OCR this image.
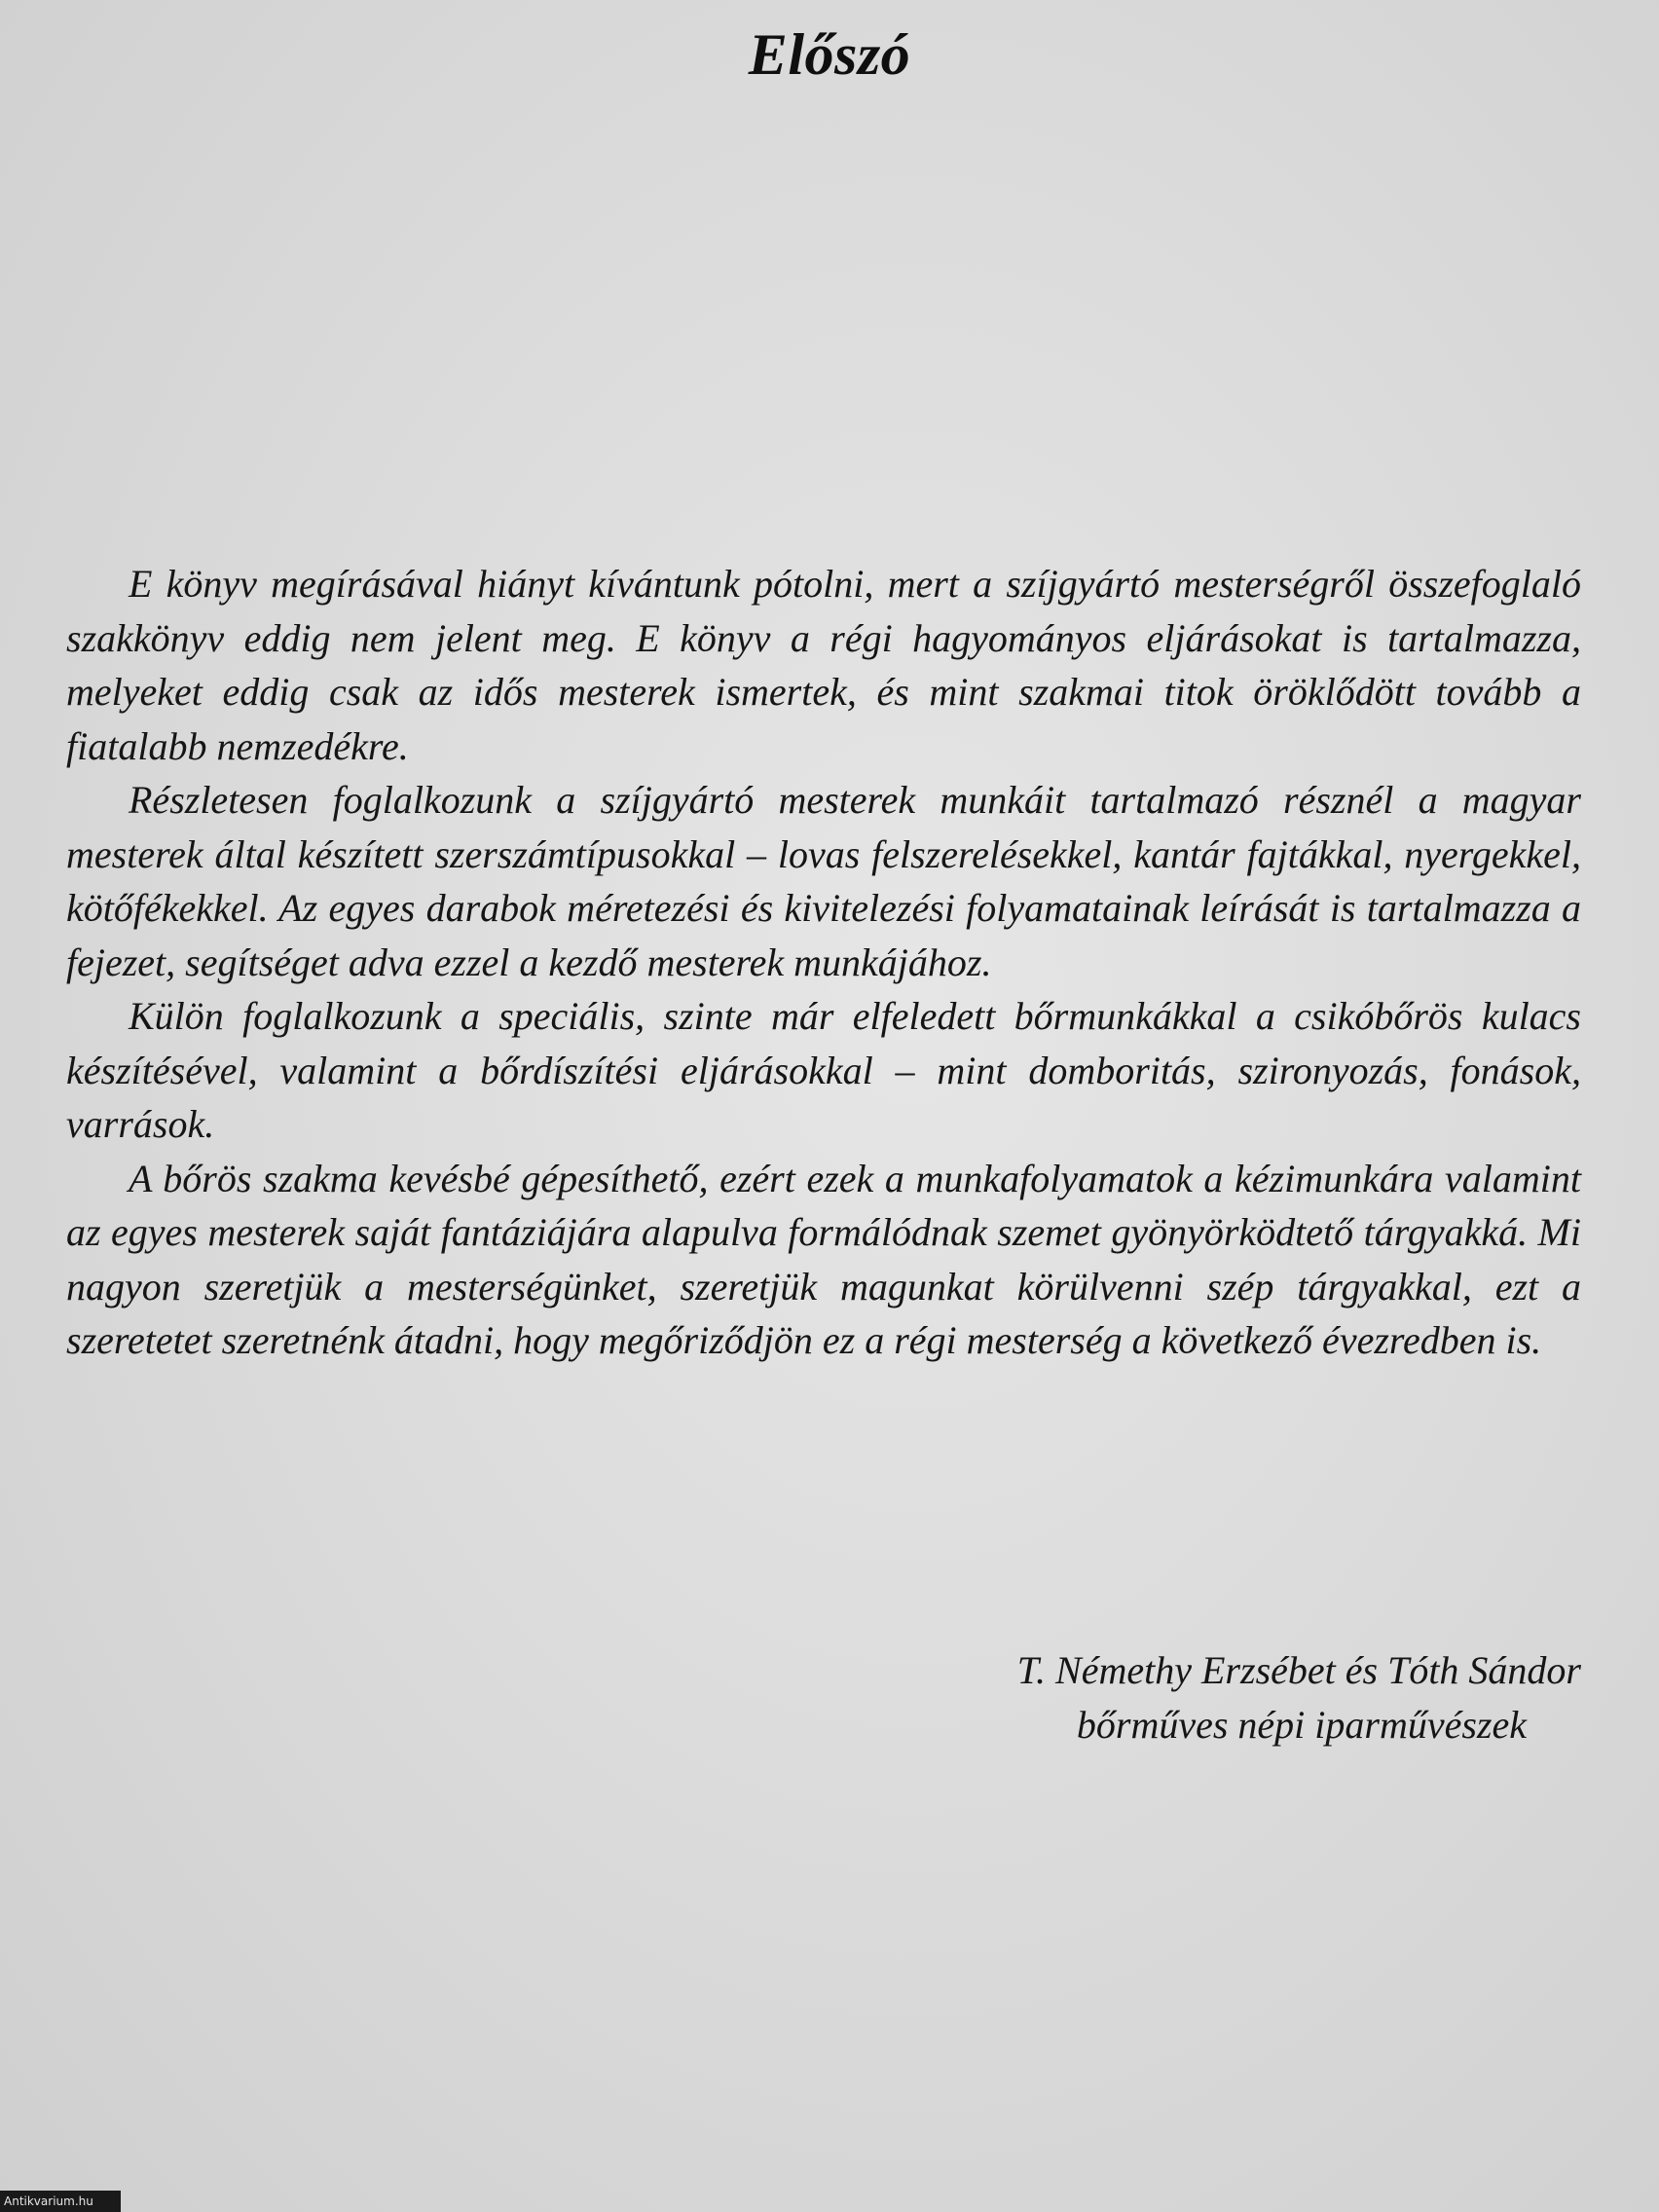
Előszó

E könyv megírásával hiányt kívántunk pótolni, mert a szíjgyártó mesterségről összefoglaló szakkönyv eddig nem jelent meg. E könyv a régi hagyományos eljárásokat is tartalmazza, melyeket eddig csak az idős mesterek ismertek, és mint szakmai titok öröklődött tovább a fiatalabb nemzedékre.

Részletesen foglalkozunk a szíjgyártó mesterek munkáit tartalmazó résznél a magyar mesterek által készített szerszámtípusokkal – lovas felszerelésekkel, kantár fajtákkal, nyergekkel, kötőfékekkel. Az egyes darabok méretezési és kivitelezési folyamatainak leírását is tartalmazza a fejezet, segítséget adva ezzel a kezdő mesterek munkájához.

Külön foglalkozunk a speciális, szinte már elfeledett bőrmunkákkal a csikóbőrös kulacs készítésével, valamint a bőrdíszítési eljárásokkal – mint domboritás, szironyozás, fonások, varrások.

A bőrös szakma kevésbé gépesíthető, ezért ezek a munkafolyamatok a kézimunkára valamint az egyes mesterek saját fantáziájára alapulva formálódnak szemet gyönyörködtető tárgyakká. Mi nagyon szeretjük a mesterségünket, szeretjük magunkat körülvenni szép tárgyakkal, ezt a szeretetet szeretnénk átadni, hogy megőriződjön ez a régi mesterség a következő évezredben is.

T. Némethy Erzsébet és Tóth Sándor

bőrműves népi iparművészek
Antikvarium.hu
